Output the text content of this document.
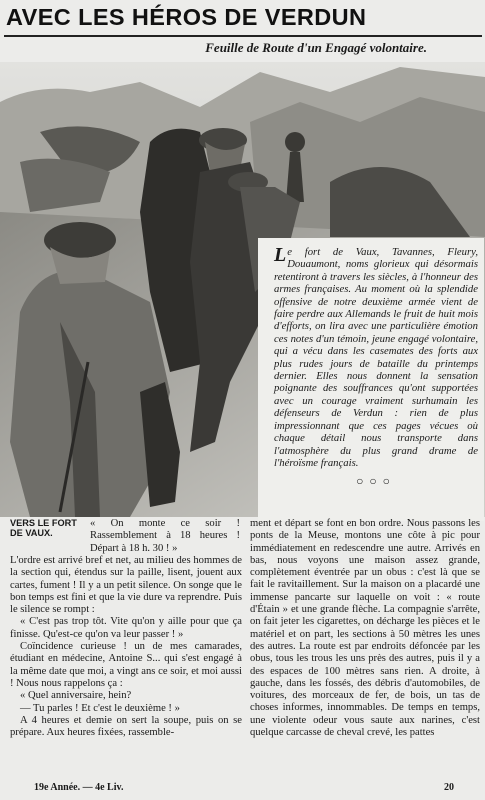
AVEC LES HÉROS DE VERDUN
Feuille de Route d'un Engagé volontaire.

Le fort de Vaux, Tavannes, Fleury, Douaumont, noms glorieux qui désormais retentiront à travers les siècles, à l'honneur des armes françaises. Au moment où la splendide offensive de notre deuxième armée vient de faire perdre aux Allemands le fruit de huit mois d'efforts, on lira avec une particulière émotion ces notes d'un témoin, jeune engagé volontaire, qui a vécu dans les casemates des forts aux plus rudes jours de bataille du printemps dernier. Elles nous donnent la sensation poignante des souffrances qu'ont supportées avec un courage vraiment surhumain les défenseurs de Verdun : rien de plus impressionnant que ces pages vécues où chaque détail nous transporte dans l'atmosphère du plus grand drame de l'héroïsme français.

○○○
VERS LE FORT DE VAUX.
« On monte ce soir ! Rassemblement à 18 heures ! Départ à 18 h. 30 ! »

L'ordre est arrivé bref et net, au milieu des hommes de la section qui, étendus sur la paille, lisent, jouent aux cartes, fument ! Il y a un petit silence. On songe que le bon temps est fini et que la vie dure va reprendre. Puis le silence se rompt :

« C'est pas trop tôt. Vite qu'on y aille pour que ça finisse. Qu'est-ce qu'on va leur passer ! »

Coïncidence curieuse ! un de mes camarades, étudiant en médecine, Antoine S... qui s'est engagé à la même date que moi, a vingt ans ce soir, et moi aussi ! Nous nous rappelons ça :

« Quel anniversaire, hein?

— Tu parles ! Et c'est le deuxième ! »

A 4 heures et demie on sert la soupe, puis on se prépare. Aux heures fixées, rassemble-

ment et départ se font en bon ordre. Nous passons les ponts de la Meuse, montons une côte à pic pour immédiatement en redescendre une autre. Arrivés en bas, nous voyons une maison assez grande, complètement éventrée par un obus : c'est là que se fait le ravitaillement. Sur la maison on a placardé une immense pancarte sur laquelle on voit : « route d'Étain » et une grande flèche. La compagnie s'arrête, on fait jeter les cigarettes, on décharge les pièces et le matériel et on part, les sections à 50 mètres les unes des autres. La route est par endroits défoncée par les obus, tous les trous les uns près des autres, puis il y a des espaces de 100 mètres sans rien. A droite, à gauche, dans les fossés, des débris d'automobiles, de voitures, des morceaux de fer, de bois, un tas de choses informes, innommables. De temps en temps, une violente odeur vous saute aux narines, c'est quelque carcasse de cheval crevé, les pattes

19e Année. — 4e Liv.	20
